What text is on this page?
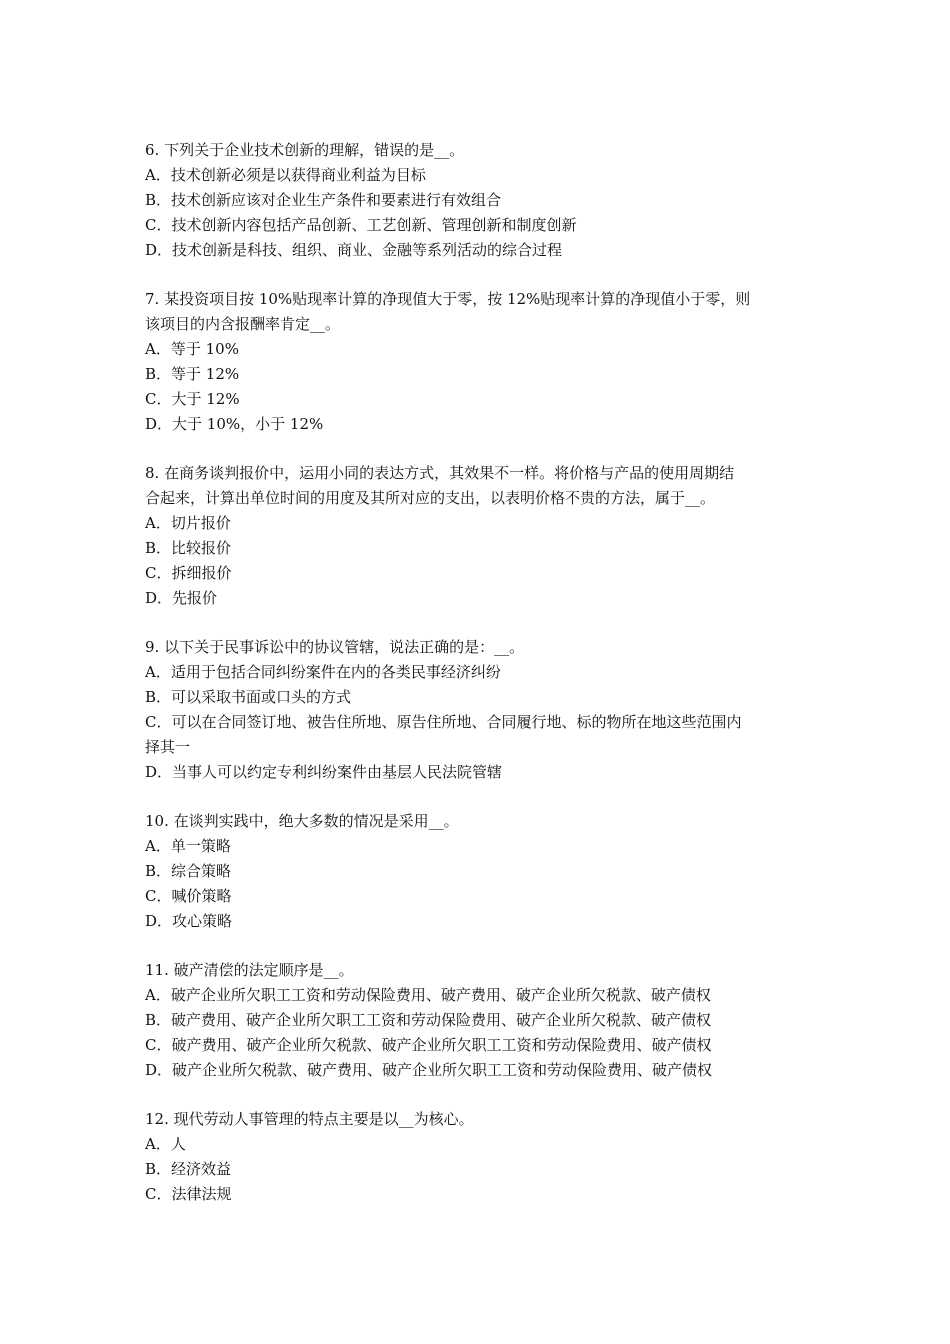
6. 下列关于企业技术创新的理解，错误的是__。
A．技术创新必须是以获得商业利益为目标
B．技术创新应该对企业生产条件和要素进行有效组合
C．技术创新内容包括产品创新、工艺创新、管理创新和制度创新
D．技术创新是科技、组织、商业、金融等系列活动的综合过程
7. 某投资项目按 10%贴现率计算的净现值大于零，按 12%贴现率计算的净现值小于零，则
该项目的内含报酬率肯定__。
A．等于 10%
B．等于 12%
C．大于 12%
D．大于 10%，小于 12%
8. 在商务谈判报价中，运用小同的表达方式，其效果不一样。将价格与产品的使用周期结
合起来，计算出单位时间的用度及其所对应的支出，以表明价格不贵的方法，属于__。
A．切片报价
B．比较报价
C．拆细报价
D．先报价
9. 以下关于民事诉讼中的协议管辖，说法正确的是：__。
A．适用于包括合同纠纷案件在内的各类民事经济纠纷
B．可以采取书面或口头的方式
C．可以在合同签订地、被告住所地、原告住所地、合同履行地、标的物所在地这些范围内
择其一
D．当事人可以约定专利纠纷案件由基层人民法院管辖
10. 在谈判实践中，绝大多数的情况是采用__。
A．单一策略
B．综合策略
C．喊价策略
D．攻心策略
11. 破产清偿的法定顺序是__。
A．破产企业所欠职工工资和劳动保险费用、破产费用、破产企业所欠税款、破产债权
B．破产费用、破产企业所欠职工工资和劳动保险费用、破产企业所欠税款、破产债权
C．破产费用、破产企业所欠税款、破产企业所欠职工工资和劳动保险费用、破产债权
D．破产企业所欠税款、破产费用、破产企业所欠职工工资和劳动保险费用、破产债权
12. 现代劳动人事管理的特点主要是以__为核心。
A．人
B．经济效益
C．法律法规
